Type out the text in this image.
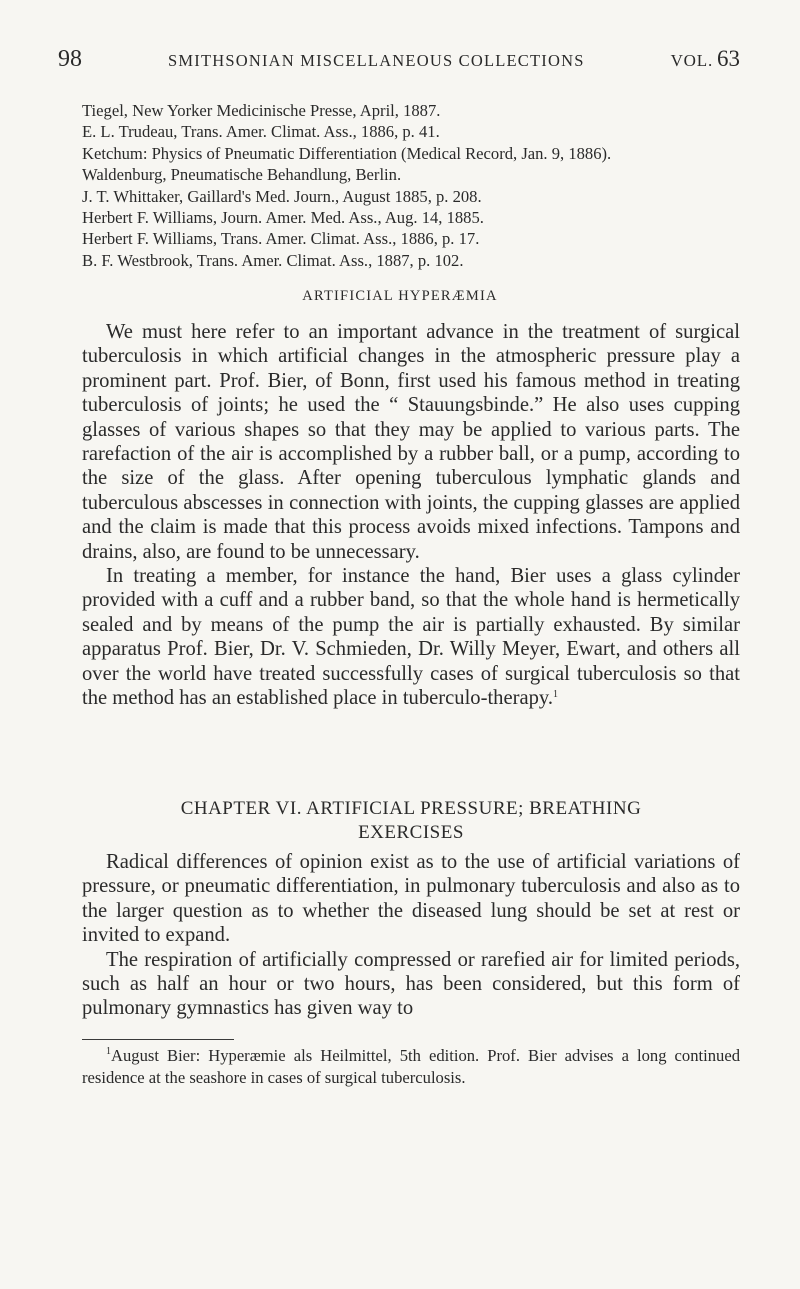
98	SMITHSONIAN MISCELLANEOUS COLLECTIONS	VOL. 63

Tiegel, New Yorker Medicinische Presse, April, 1887.

E. L. Trudeau, Trans. Amer. Climat. Ass., 1886, p. 41.

Ketchum: Physics of Pneumatic Differentiation (Medical Record, Jan. 9, 1886).

Waldenburg, Pneumatische Behandlung, Berlin.

J. T. Whittaker, Gaillard's Med. Journ., August 1885, p. 208.

Herbert F. Williams, Journ. Amer. Med. Ass., Aug. 14, 1885.

Herbert F. Williams, Trans. Amer. Climat. Ass., 1886, p. 17.

B. F. Westbrook, Trans. Amer. Climat. Ass., 1887, p. 102.

ARTIFICIAL HYPERÆMIA

We must here refer to an important advance in the treatment of surgical tuberculosis in which artificial changes in the atmospheric pressure play a prominent part. Prof. Bier, of Bonn, first used his famous method in treating tuberculosis of joints; he used the “ Stauungsbinde.” He also uses cupping glasses of various shapes so that they may be applied to various parts. The rarefaction of the air is accomplished by a rubber ball, or a pump, according to the size of the glass. After opening tuberculous lymphatic glands and tuberculous abscesses in connection with joints, the cupping glasses are applied and the claim is made that this process avoids mixed infections. Tampons and drains, also, are found to be unnecessary.

In treating a member, for instance the hand, Bier uses a glass cylinder provided with a cuff and a rubber band, so that the whole hand is hermetically sealed and by means of the pump the air is partially exhausted. By similar apparatus Prof. Bier, Dr. V. Schmieden, Dr. Willy Meyer, Ewart, and others all over the world have treated successfully cases of surgical tuberculosis so that the method has an established place in tuberculo-therapy.$^1$

CHAPTER VI. ARTIFICIAL PRESSURE; BREATHING
EXERCISES

Radical differences of opinion exist as to the use of artificial variations of pressure, or pneumatic differentiation, in pulmonary tuberculosis and also as to the larger question as to whether the diseased lung should be set at rest or invited to expand.

The respiration of artificially compressed or rarefied air for limited periods, such as half an hour or two hours, has been considered, but this form of pulmonary gymnastics has given way to

$^1$August Bier: Hyperæmie als Heilmittel, 5th edition. Prof. Bier advises a long continued residence at the seashore in cases of surgical tuberculosis.
